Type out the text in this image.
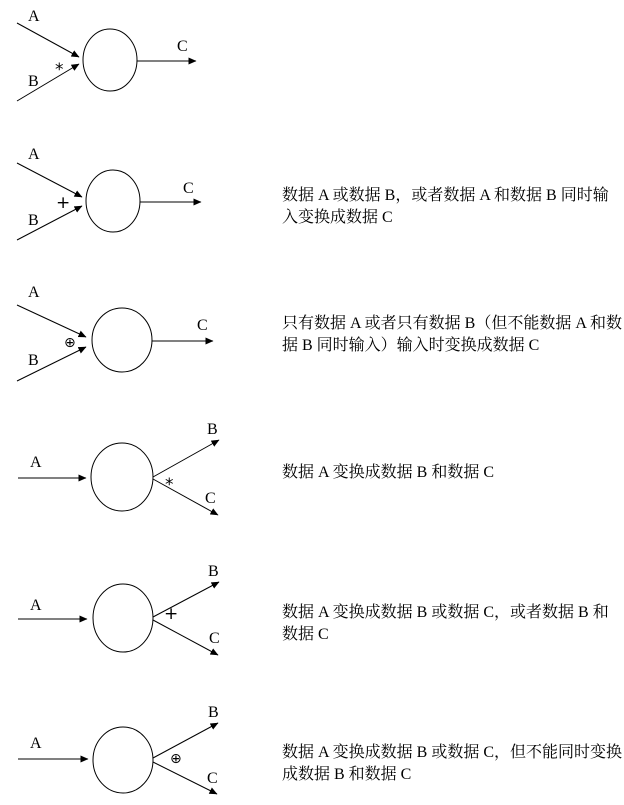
A
B
*
C
A
B
+
C
A
B
⊕
C
A
*
B
C
A	+
B
C
A
⊕
B
C
数据 A 或数据 B，或者数据 A 和数据 B 同时输入变换成数据 C
只有数据 A 或者只有数据 B（但不能数据 A 和数据 B 同时输入）输入时变换成数据 C
数据 A 变换成数据 B 和数据 C
数据 A 变换成数据 B 或数据 C，或者数据 B 和数据 C
数据 A 变换成数据 B 或数据 C，但不能同时变换成数据 B 和数据 C
